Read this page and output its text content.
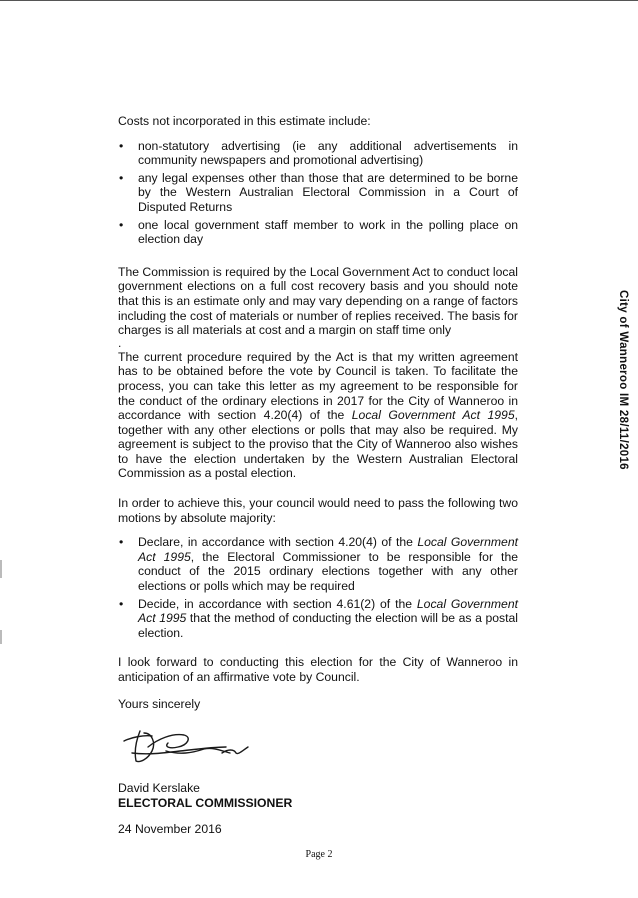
Costs not incorporated in this estimate include:

• non-statutory advertising (ie any additional advertisements in community newspapers and promotional advertising)
• any legal expenses other than those that are determined to be borne by the Western Australian Electoral Commission in a Court of Disputed Returns
• one local government staff member to work in the polling place on election day

The Commission is required by the Local Government Act to conduct local government elections on a full cost recovery basis and you should note that this is an estimate only and may vary depending on a range of factors including the cost of materials or number of replies received. The basis for charges is all materials at cost and a margin on staff time only

.

The current procedure required by the Act is that my written agreement has to be obtained before the vote by Council is taken. To facilitate the process, you can take this letter as my agreement to be responsible for the conduct of the ordinary elections in 2017 for the City of Wanneroo in accordance with section 4.20(4) of the Local Government Act 1995, together with any other elections or polls that may also be required. My agreement is subject to the proviso that the City of Wanneroo also wishes to have the election undertaken by the Western Australian Electoral Commission as a postal election.

In order to achieve this, your council would need to pass the following two motions by absolute majority:

• Declare, in accordance with section 4.20(4) of the Local Government Act 1995, the Electoral Commissioner to be responsible for the conduct of the 2015 ordinary elections together with any other elections or polls which may be required
• Decide, in accordance with section 4.61(2) of the Local Government Act 1995 that the method of conducting the election will be as a postal election.

I look forward to conducting this election for the City of Wanneroo in anticipation of an affirmative vote by Council.

Yours sincerely

David Kerslake

ELECTORAL COMMISSIONER

24 November 2016

Page 2
City of Wanneroo IM 28/11/2016
